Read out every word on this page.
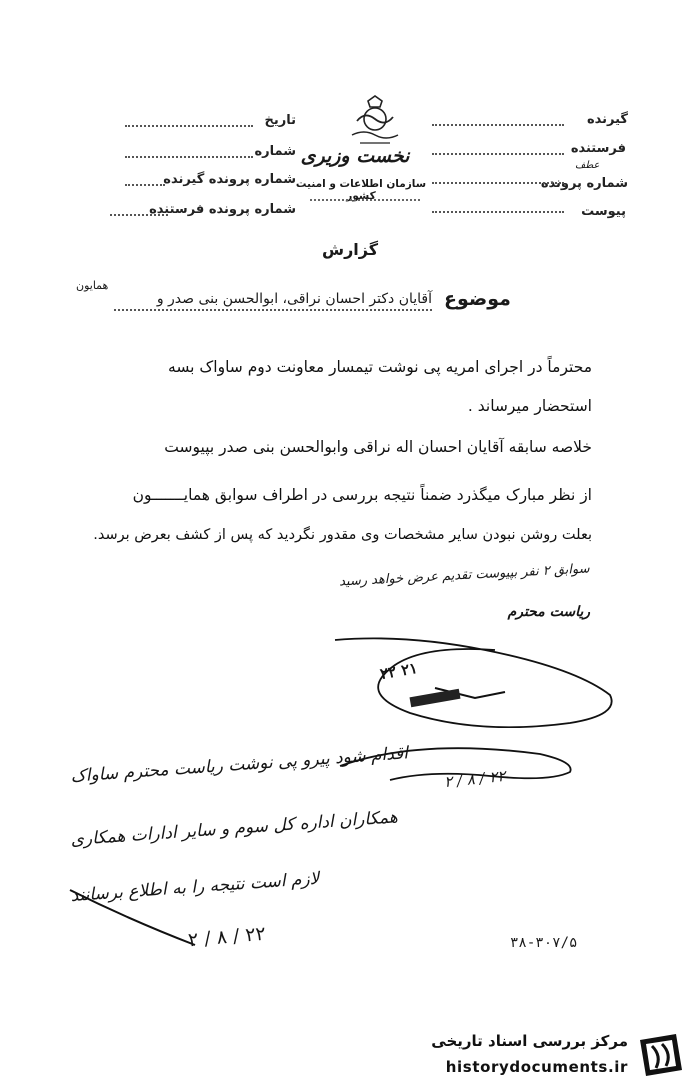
نخست وزیری
سازمان اطلاعات و امنیت کشور
تاریخ
شماره
شماره پرونده گیرنده
شماره پرونده فرستنده
گیرنده
فرستنده
عطف
شماره پرونده
پیوست
گزارش
موضوع
آقایان دکتر احسان نراقی، ابوالحسن بنی صدر و
همایون
محترماً در اجرای امریه پی نوشت تیمسار معاونت دوم ساواک بسه
استحضار میرساند .
خلاصه سابقه آقایان احسان اله نراقی وابوالحسن بنی صدر بپیوست
از نظر مبارک میگذرد ضمناً نتیجه بررسی در اطراف سوابق همایـــــــون
بعلت روشن نبودن سایر مشخصات وی مقدور نگردید که پس از کشف بعرض برسد.
سوابق ۲ نفر بپیوست تقدیم عرض خواهد رسید
ریاست محترم
۲۱ ۲۲
۲۲ / ۸ / ۲
اقدام شود پیرو پی نوشت ریاست محترم ساواک
همکاران اداره کل سوم و سایر ادارات همکاری
لازم است نتیجه را به اطلاع برسانند
۲۲ / ۸ / ۲	۳۸-۳۰۷/۵
مرکز بررسی اسناد تاریخی
historydocuments.ir
